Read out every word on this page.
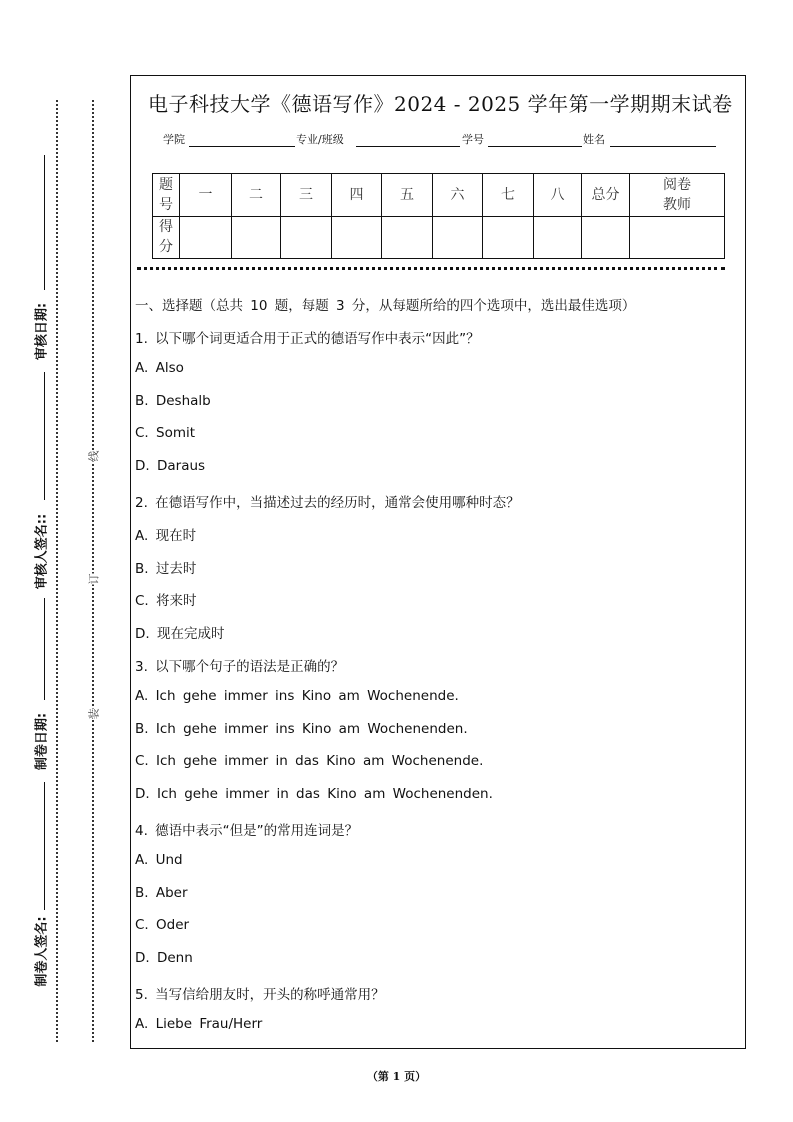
审核日期:
审核人签名::
制卷日期:
制卷人签名:
线
订
装
电子科技大学《德语写作》2024 - 2025 学年第一学期期末试卷
学院	专业/班级	学号	姓名
题号	一	二	三	四	五	六	七	八	总分	阅卷教师
得分										
一、选择题（总共 10 题，每题 3 分，从每题所给的四个选项中，选出最佳选项）
1. 以下哪个词更适合用于正式的德语写作中表示“因此”？
A. Also
B. Deshalb
C. Somit
D. Daraus
2. 在德语写作中，当描述过去的经历时，通常会使用哪种时态？
A. 现在时
B. 过去时
C. 将来时
D. 现在完成时
3. 以下哪个句子的语法是正确的？
A. Ich gehe immer ins Kino am Wochenende.
B. Ich gehe immer ins Kino am Wochenenden.
C. Ich gehe immer in das Kino am Wochenende.
D. Ich gehe immer in das Kino am Wochenenden.
4. 德语中表示“但是”的常用连词是？
A. Und
B. Aber
C. Oder
D. Denn
5. 当写信给朋友时，开头的称呼通常用？
A. Liebe Frau/Herr
（第 1 页）
